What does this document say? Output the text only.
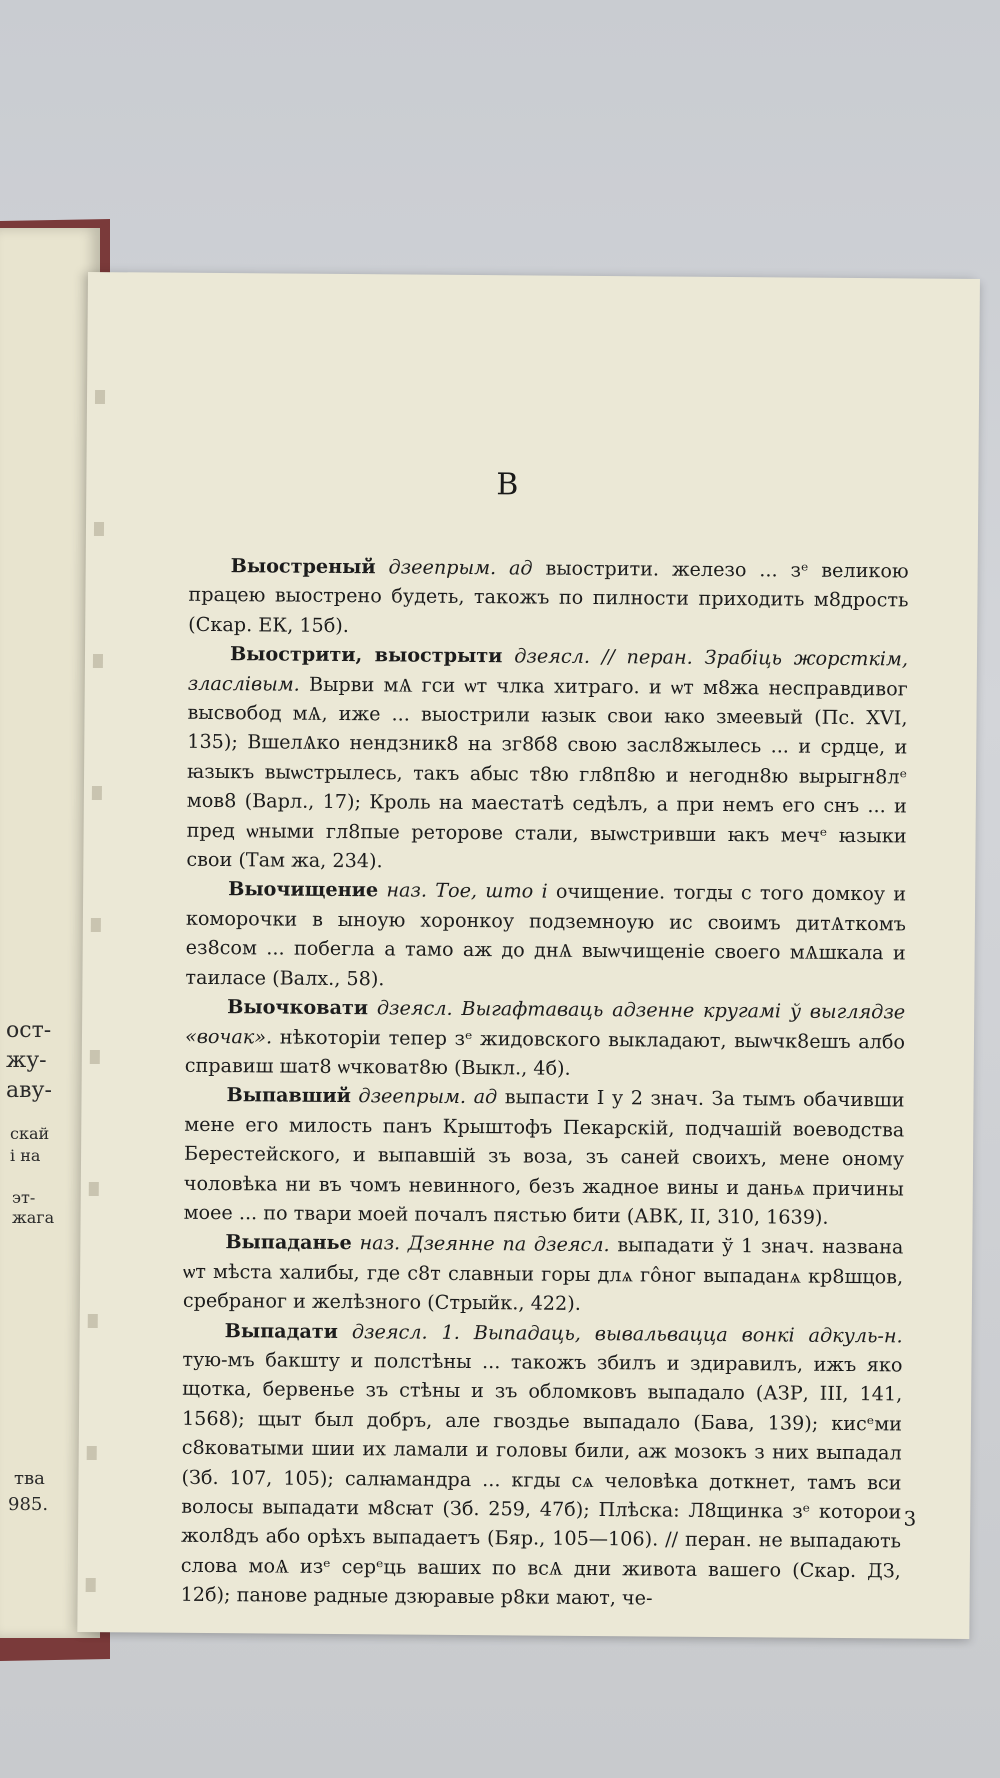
ост-
жу-
аву-
скай
і на
эт-
жага
тва
985.
В

Выостреный дзеепрым. ад выострити. железо ... зᵉ великою працею выострено будеть, такожъ по пилности приходить м8дрость (Скар. ЕК, 15б).

Выострити, выострыти дзеясл. // перан. Зрабіць жорсткім, зласлівым. Вырви мѦ гси ѡт члка хитраго. и ѡт м8жа несправдивог высвобод мѦ, иже ... выострили ꙗзык свои ꙗко змеевый (Пс. XVI, 135); ВшелѦко нендзник8 на зг8б8 свою засл8жылесь ... и срдце, и ꙗзыкъ выѡстрылесь, такъ абыс т8ю гл8п8ю и негодн8ю вырыгн8лᵉ мов8 (Варл., 17); Кроль на маестатѣ седѣлъ, а при немъ его снъ ... и пред ѡными гл8пые реторове стали, выѡстривши ꙗкъ мечᵉ ꙗзыки свои (Там жа, 234).

Выочищение наз. Тое, што і очищение. тогды с того домкоу и коморочки в ыноую хоронкоу подземноую ис своимъ дитѦткомъ ез8сом ... побегла а тамо аж до днѦ выѡчищеніе своего мѦшкала и таиласе (Валх., 58).

Выочковати дзеясл. Выгафтаваць адзенне кругамі ў выглядзе «вочак». нѣкоторіи тепер зᵉ жидовского выкладают, выѡчк8ешъ албо справиш шат8 ѡчковат8ю (Выкл., 4б).

Выпавший дзеепрым. ад выпасти I у 2 знач. За тымъ обачивши мене его милость панъ Крыштофъ Пекарскій, подчашій воеводства Берестейского, и выпавшій зъ воза, зъ саней своихъ, мене оному чоловѣка ни въ чомъ невинного, безъ жадное вины и даньѧ причины моее ... по твари моей почалъ пястью бити (АВК, II, 310, 1639).

Выпаданье наз. Дзеянне па дзеясл. выпадати ў 1 знач. названа ѡт мѣста халибы, где с8т славныи горы длѧ го̂ног выпаданѧ кр8шцов, сребраног и желѣзного (Стрыйк., 422).

Выпадати дзеясл. 1. Выпадаць, вывальвацца вонкі адкуль-н. тую-мъ бакшту и полстѣны ... такожъ збилъ и здиравилъ, ижъ яко щотка, бервенье зъ стѣны и зъ обломковъ выпадало (АЗР, III, 141, 1568); щыт был добръ, але гвоздье выпадало (Бава, 139); кисᵉми с8коватыми шии их ламали и головы били, аж мозокъ з них выпадал (Зб. 107, 105); салꙗмандра ... кгды сѧ человѣка доткнет, тамъ вси волосы выпадати м8сꙗт (Зб. 259, 47б); Плѣска: Л8щинка зᵉ которои жол8дъ або орѣхъ выпадаетъ (Бяр., 105—106). // перан. не выпадають слова моѦ изᵉ серᵉць ваших по всѦ дни живота вашего (Скар. ДЗ, 12б); панове радные дзюравые р8ки мают, че-

3
